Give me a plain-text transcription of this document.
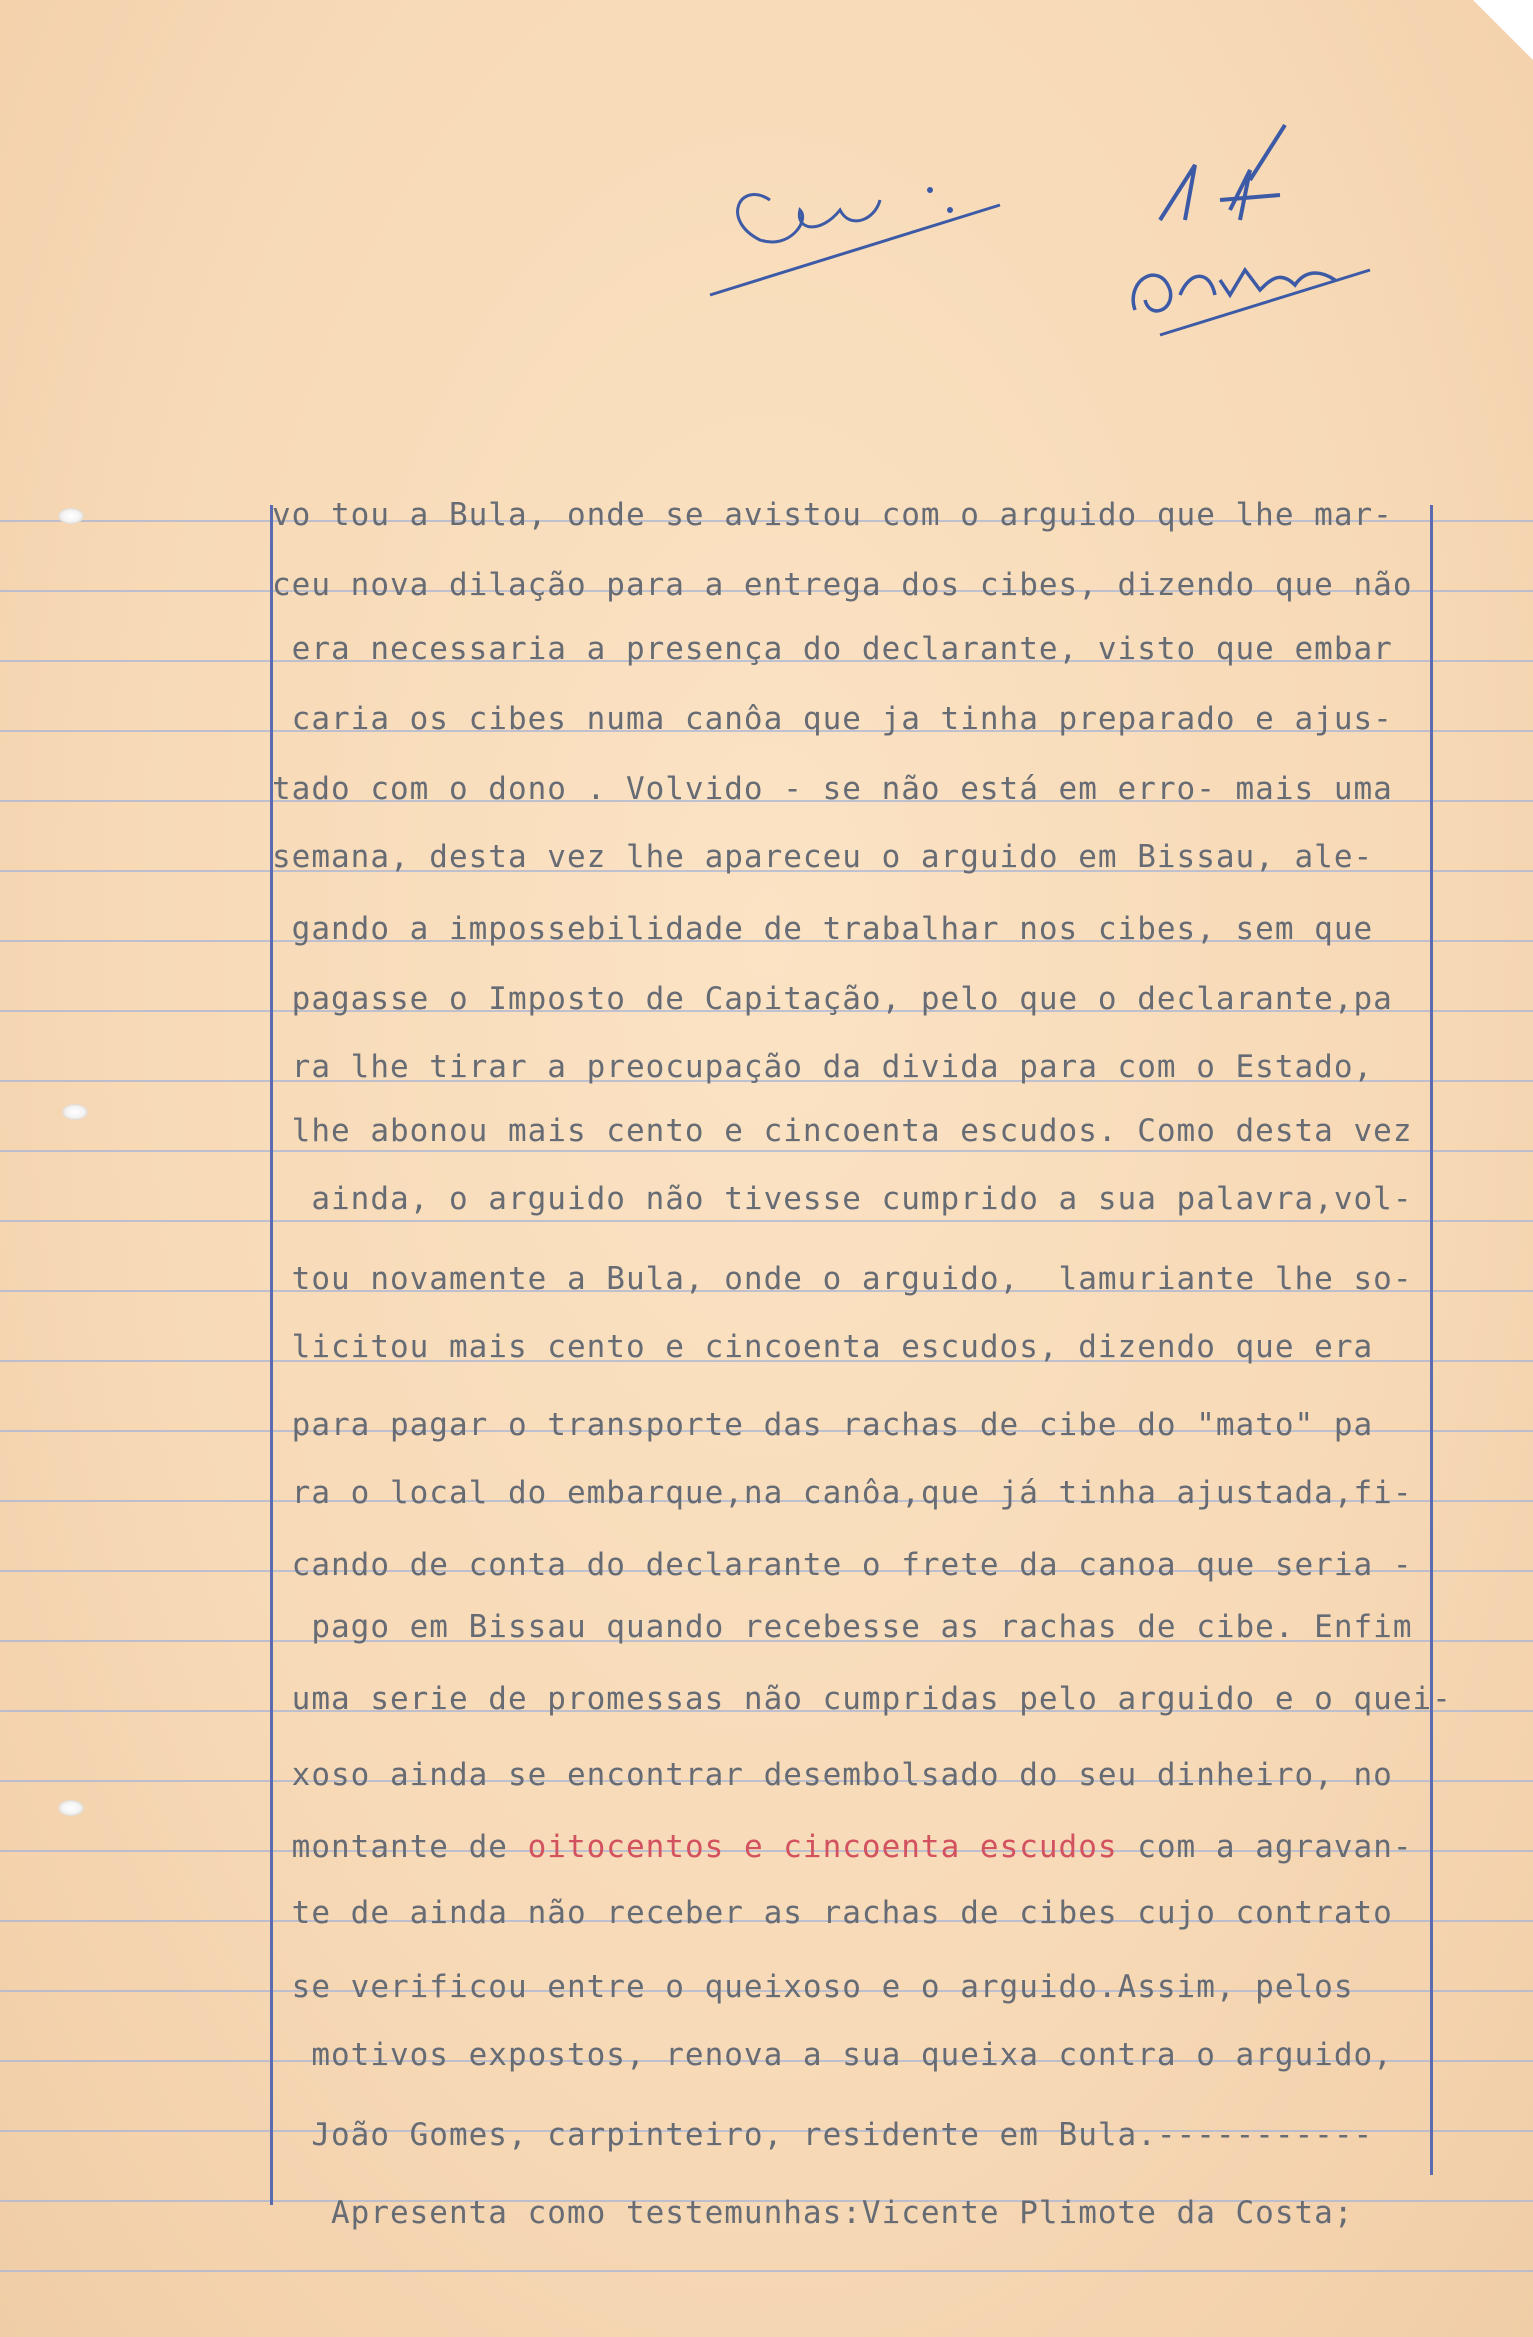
vo tou a Bula, onde se avistou com o arguido que lhe mar-
ceu nova dilação para a entrega dos cibes, dizendo que não
era necessaria a presença do declarante, visto que embar
caria os cibes numa canôa que ja tinha preparado e ajus-
tado com o dono . Volvido - se não está em erro- mais uma
semana, desta vez lhe apareceu o arguido em Bissau, ale-
gando a impossebilidade de trabalhar nos cibes, sem que
pagasse o Imposto de Capitação, pelo que o declarante,pa
ra lhe tirar a preocupação da divida para com o Estado,
lhe abonou mais cento e cincoenta escudos. Como desta vez
ainda, o arguido não tivesse cumprido a sua palavra,vol-
tou novamente a Bula, onde o arguido,  lamuriante lhe so-
licitou mais cento e cincoenta escudos, dizendo que era
para pagar o transporte das rachas de cibe do "mato" pa
ra o local do embarque,na canôa,que já tinha ajustada,fi-
cando de conta do declarante o frete da canoa que seria -
pago em Bissau quando recebesse as rachas de cibe. Enfim
uma serie de promessas não cumpridas pelo arguido e o quei-
xoso ainda se encontrar desembolsado do seu dinheiro, no
montante de oitocentos e cincoenta escudos com a agravan-
te de ainda não receber as rachas de cibes cujo contrato
se verificou entre o queixoso e o arguido.Assim, pelos
motivos expostos, renova a sua queixa contra o arguido,
João Gomes, carpinteiro, residente em Bula.-----------
Apresenta como testemunhas:Vicente Plimote da Costa;
